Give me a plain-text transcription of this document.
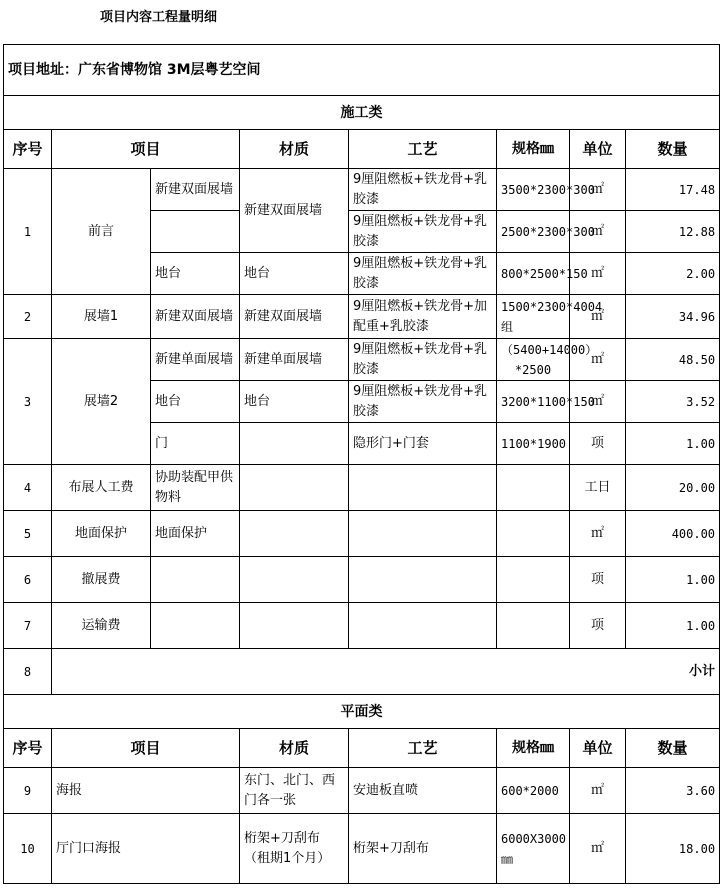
项目内容工程量明细
项目地址：广东省博物馆 3M层粤艺空间							
施工类							
序号	项目		材质	工艺	规格㎜	单位	数量
1	前言	新建双面展墙	新建双面展墙	9厘阻燃板+铁龙骨+乳胶漆	3500*2300*300	㎡	17.48
				9厘阻燃板+铁龙骨+乳胶漆	2500*2300*300	㎡	12.88
		地台	地台	9厘阻燃板+铁龙骨+乳胶漆	800*2500*150	㎡	2.00
2	展墙1	新建双面展墙	新建双面展墙	9厘阻燃板+铁龙骨+加配重+乳胶漆	1500*2300*4004组	㎡	34.96
3	展墙2	新建单面展墙	新建单面展墙	9厘阻燃板+铁龙骨+乳胶漆	（5400+14000）*2500	㎡	48.50
		地台	地台	9厘阻燃板+铁龙骨+乳胶漆	3200*1100*150	㎡	3.52
		门		隐形门+门套	1100*1900	项	1.00
4	布展人工费	协助装配甲供物料				工日	20.00
5	地面保护	地面保护				㎡	400.00
6	撤展费					项	1.00
7	运输费					项	1.00
8	小计						
平面类							
序号	项目		材质	工艺	规格㎜	单位	数量
9	海报		东门、北门、西门各一张	安迪板直喷	600*2000	㎡	3.60
10	厅门口海报		桁架+刀刮布（租期1个月）	桁架+刀刮布	6000X3000㎜	㎡	18.00
